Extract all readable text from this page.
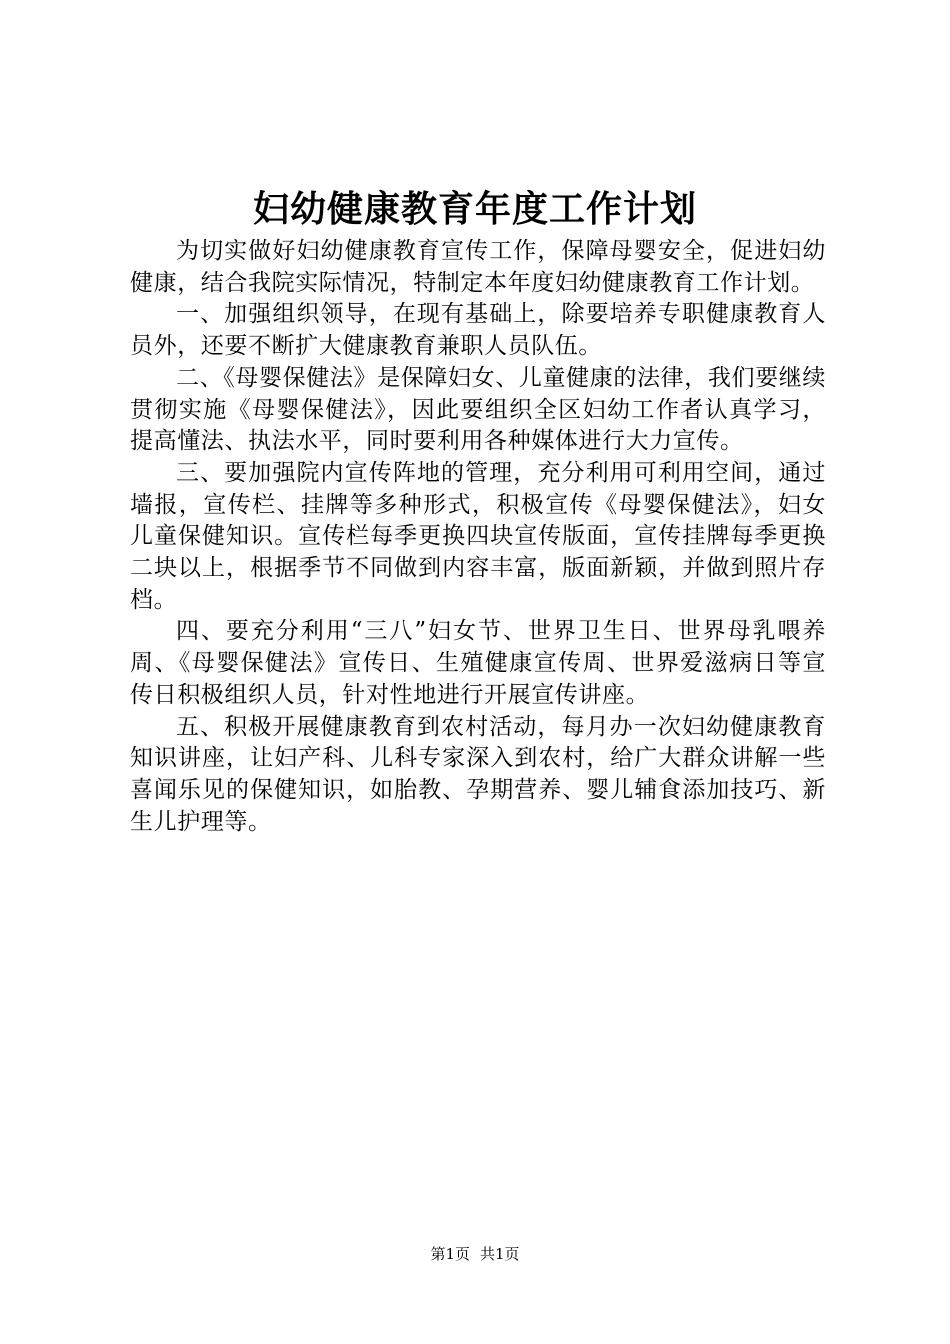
妇幼健康教育年度工作计划

为切实做好妇幼健康教育宣传工作，保障母婴安全，促进妇幼健康，结合我院实际情况，特制定本年度妇幼健康教育工作计划。

一、加强组织领导，在现有基础上，除要培养专职健康教育人员外，还要不断扩大健康教育兼职人员队伍。

二、《母婴保健法》是保障妇女、儿童健康的法律，我们要继续贯彻实施《母婴保健法》，因此要组织全区妇幼工作者认真学习，提高懂法、执法水平，同时要利用各种媒体进行大力宣传。

三、要加强院内宣传阵地的管理，充分利用可利用空间，通过墙报，宣传栏、挂牌等多种形式，积极宣传《母婴保健法》，妇女儿童保健知识。宣传栏每季更换四块宣传版面，宣传挂牌每季更换二块以上，根据季节不同做到内容丰富，版面新颖，并做到照片存档。

四、要充分利用“三八”妇女节、世界卫生日、世界母乳喂养周、《母婴保健法》宣传日、生殖健康宣传周、世界爱滋病日等宣传日积极组织人员，针对性地进行开展宣传讲座。

五、积极开展健康教育到农村活动，每月办一次妇幼健康教育知识讲座，让妇产科、儿科专家深入到农村，给广大群众讲解一些喜闻乐见的保健知识，如胎教、孕期营养、婴儿辅食添加技巧、新生儿护理等。

第1页 共1页
